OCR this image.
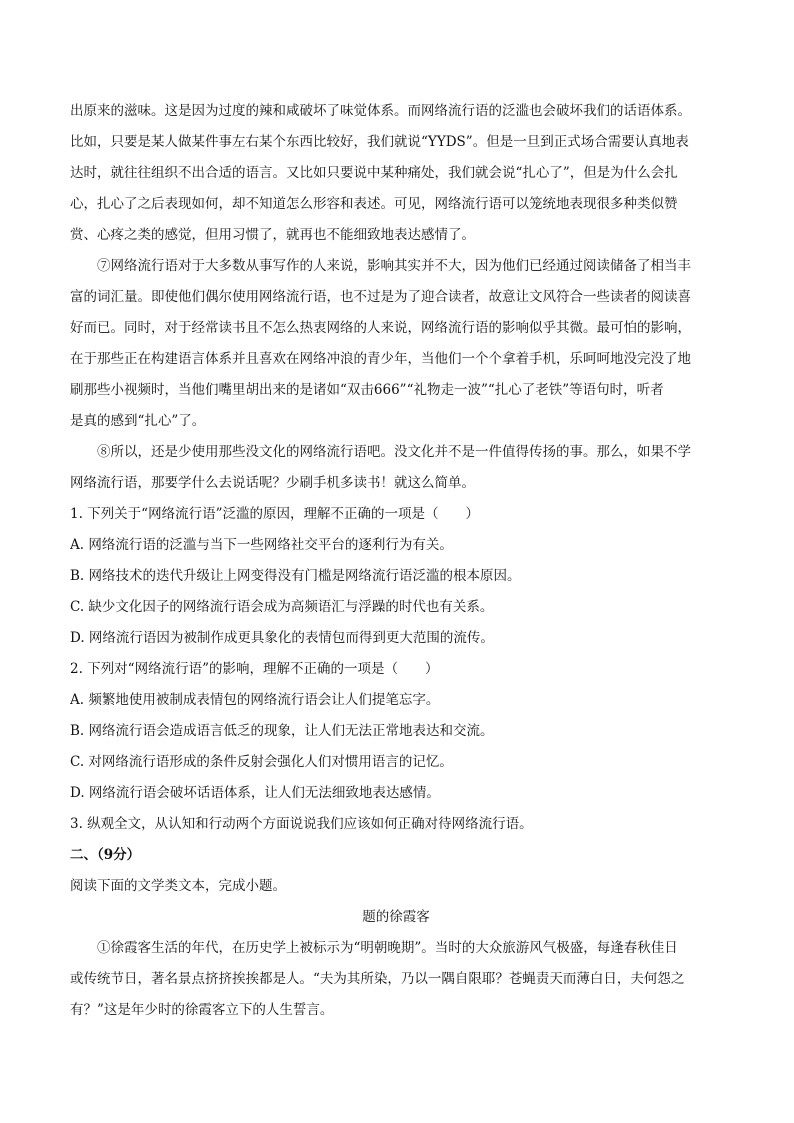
出原来的滋味。这是因为过度的辣和咸破坏了味觉体系。而网络流行语的泛滥也会破坏我们的话语体系。
比如，只要是某人做某件事左右某个东西比较好，我们就说“YYDS”。但是一旦到正式场合需要认真地表
达时，就往往组织不出合适的语言。又比如只要说中某种痛处，我们就会说“扎心了”，但是为什么会扎
心，扎心了之后表现如何，却不知道怎么形容和表述。可见，网络流行语可以笼统地表现很多种类似赞
赏、心疼之类的感觉，但用习惯了，就再也不能细致地表达感情了。
⑦网络流行语对于大多数从事写作的人来说，影响其实并不大，因为他们已经通过阅读储备了相当丰
富的词汇量。即使他们偶尔使用网络流行语，也不过是为了迎合读者，故意让文风符合一些读者的阅读喜
好而已。同时，对于经常读书且不怎么热衷网络的人来说，网络流行语的影响似乎其微。最可怕的影响，
在于那些正在构建语言体系并且喜欢在网络冲浪的青少年，当他们一个个拿着手机，乐呵呵地没完没了地
刷那些小视频时，当他们嘴里胡出来的是诸如“双击666”“礼物走一波”“扎心了老铁”等语句时，听者
是真的感到“扎心”了。
⑧所以，还是少使用那些没文化的网络流行语吧。没文化并不是一件值得传扬的事。那么，如果不学
网络流行语，那要学什么去说话呢？少刷手机多读书！就这么简单。
1. 下列关于“网络流行语”泛滥的原因，理解不正确的一项是（　　）
A. 网络流行语的泛滥与当下一些网络社交平台的逐利行为有关。
B. 网络技术的迭代升级让上网变得没有门槛是网络流行语泛滥的根本原因。
C. 缺少文化因子的网络流行语会成为高频语汇与浮躁的时代也有关系。
D. 网络流行语因为被制作成更具象化的表情包而得到更大范围的流传。
2. 下列对“网络流行语”的影响，理解不正确的一项是（　　）
A. 频繁地使用被制成表情包的网络流行语会让人们提笔忘字。
B. 网络流行语会造成语言低乏的现象，让人们无法正常地表达和交流。
C. 对网络流行语形成的条件反射会强化人们对惯用语言的记忆。
D. 网络流行语会破坏话语体系，让人们无法细致地表达感情。
3. 纵观全文，从认知和行动两个方面说说我们应该如何正确对待网络流行语。
二、（9分）
阅读下面的文学类文本，完成小题。
题的徐霞客
①徐霞客生活的年代，在历史学上被标示为“明朝晚期”。当时的大众旅游风气极盛，每逢春秋佳日
或传统节日，著名景点挤挤挨挨都是人。“夫为其所染，乃以一隅自限耶？苍蝇责天而薄白日，夫何怨之
有？”这是年少时的徐霞客立下的人生誓言。
